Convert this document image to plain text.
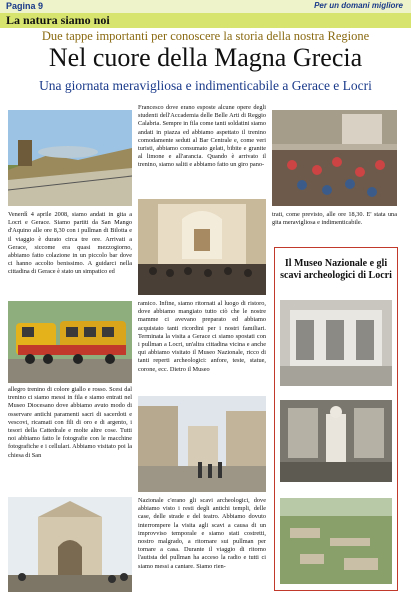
Pagina 9	Per un domani migliore
La natura siamo noi
Due tappe importanti per conoscere la storia della nostra Regione
Nel cuore della Magna Grecia
Una giornata meravigliosa e indimenticabile a Gerace e Locri
Venerdì 4 aprile 2008, siamo andati in gita a Locri e Gerace. Siamo partiti da San Mango d'Aquino alle ore 8,30 con i pullman di Bilotta e il viaggio è durato circa tre ore. Arrivati a Gerace, siccome era quasi mezzogiorno, abbiamo fatto colazione in un piccolo bar dove ci hanno accolto benissimo. A guidarci nella cittadina di Gerace è stato un simpatico ed
allegro trenino di colore giallo e rosso. Scesi dal trenino ci siamo messi in fila e siamo entrati nel Museo Diocesano dove abbiamo avuto modo di osservare antichi paramenti sacri di sacerdoti e vescovi, ricamati con fili di oro e di argento, i tesori della Cattedrale e molte altre cose. Tutti noi abbiamo fatto le fotografie con le macchine fotografiche e i cellulari. Abbiamo visitato poi la chiesa di San
Francesco dove erano esposte alcune opere degli studenti dell'Accademia delle Belle Arti di Reggio Calabria. Sempre in fila come tanti soldatini siamo andati in piazza ed abbiamo aspettato il trenino comodamente seduti al Bar Centrale e, come veri turisti, abbiamo consumato gelati, bibite e granite al limone e all'arancia. Quando è arrivato il trenino, siamo saliti e abbiamo fatto un giro pano-
ramico. Infine, siamo ritornati al luogo di ristoro, dove abbiamo mangiato tutto ciò che le nostre mamme ci avevano preparato ed abbiamo acquistato tanti ricordini per i nostri familiari. Terminata la visita a Gerace ci siamo spostati con i pullman a Locri, un'altra cittadina vicina e anche qui abbiamo visitato il Museo Nazionale, ricco di tanti reperti archeologici: anfore, teste, statue, corone, ecc. Dietro il Museo
Nazionale c'erano gli scavi archeologici, dove abbiamo visto i resti degli antichi templi, delle case, delle strade e del teatro. Abbiamo dovuto interrompere la visita agli scavi a causa di un improvviso temporale e siamo stati costretti, nostro malgrado, a ritornare sui pullman per tornare a casa. Durante il viaggio di ritorno l'autista del pullman ha acceso la radio e tutti ci siamo messi a cantare. Siamo rien-
trati, come previsto, alle ore 18,30. E' stata una gita meravigliosa e indimenticabile.
Il Museo Nazionale e gli scavi archeologici di Locri
